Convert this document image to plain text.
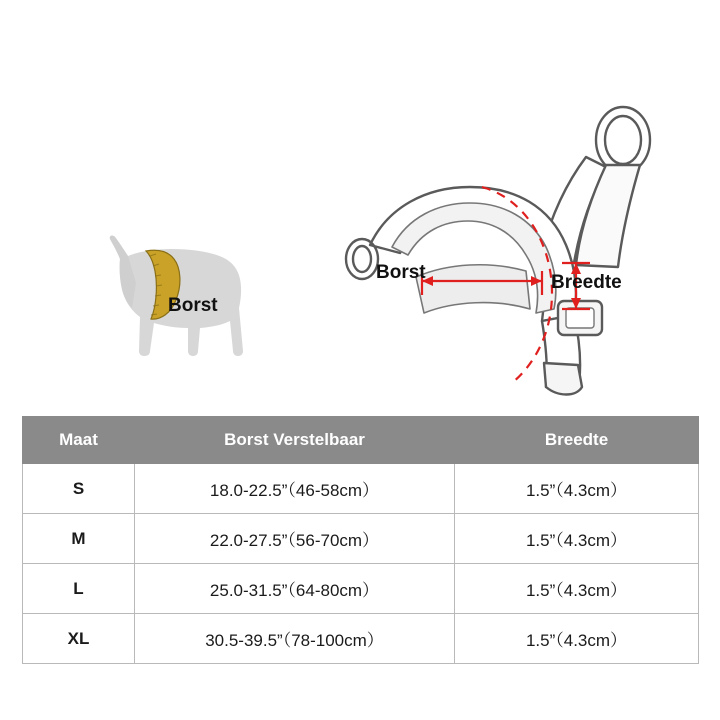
Borst
Borst	Breedte
Maat	Borst Verstelbaar	Breedte
S	18.0-22.5”（46-58cm）	1.5”（4.3cm）
M	22.0-27.5”（56-70cm）	1.5”（4.3cm）
L	25.0-31.5”（64-80cm）	1.5”（4.3cm）
XL	30.5-39.5”（78-100cm）	1.5”（4.3cm）
